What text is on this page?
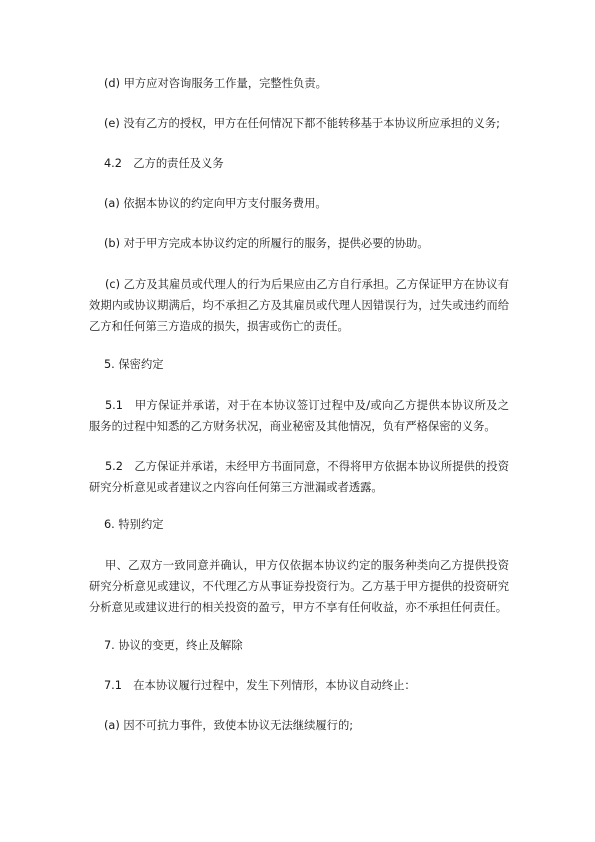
(d) 甲方应对咨询服务工作量，完整性负责。
(e) 没有乙方的授权，甲方在任何情况下都不能转移基于本协议所应承担的义务;
4.2　乙方的责任及义务
(a) 依据本协议的约定向甲方支付服务费用。
(b) 对于甲方完成本协议约定的所履行的服务，提供必要的协助。
(c) 乙方及其雇员或代理人的行为后果应由乙方自行承担。乙方保证甲方在协议有效期内或协议期满后，均不承担乙方及其雇员或代理人因错误行为，过失或违约而给乙方和任何第三方造成的损失，损害或伤亡的责任。
5. 保密约定
5.1　甲方保证并承诺，对于在本协议签订过程中及/或向乙方提供本协议所及之服务的过程中知悉的乙方财务状况，商业秘密及其他情况，负有严格保密的义务。
5.2　乙方保证并承诺，未经甲方书面同意，不得将甲方依据本协议所提供的投资研究分析意见或者建议之内容向任何第三方泄漏或者透露。
6. 特别约定
甲、乙双方一致同意并确认，甲方仅依据本协议约定的服务种类向乙方提供投资研究分析意见或建议，不代理乙方从事证券投资行为。乙方基于甲方提供的投资研究分析意见或建议进行的相关投资的盈亏，甲方不享有任何收益，亦不承担任何责任。
7. 协议的变更，终止及解除
7.1　在本协议履行过程中，发生下列情形，本协议自动终止：
(a) 因不可抗力事件，致使本协议无法继续履行的;
